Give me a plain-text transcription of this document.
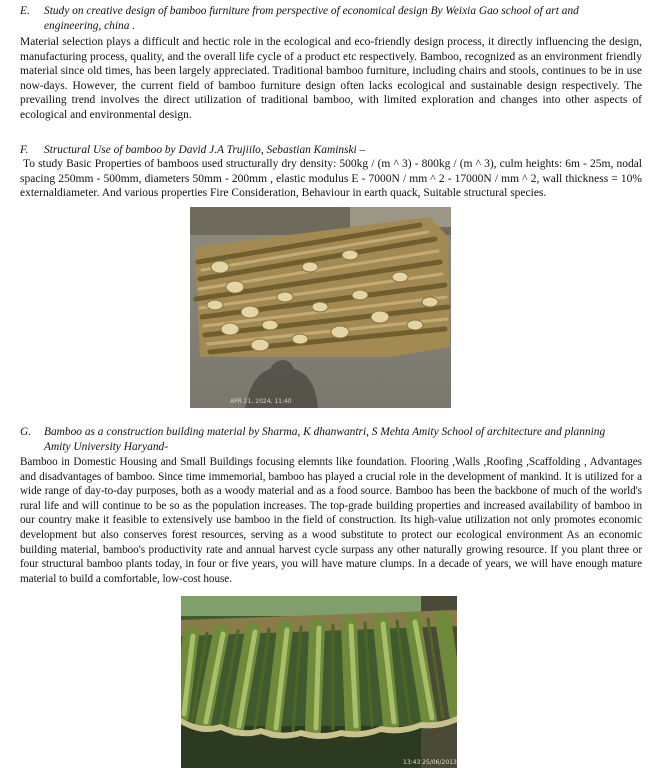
E. Study on creative design of bamboo furniture from perspective of economical design By Weixia Gao school of art and
engineering, china .
Material selection plays a difficult and hectic role in the ecological and eco-friendly design process, it directly influencing the design, manufacturing process, quality, and the overall life cycle of a product etc respectively. Bamboo, recognized as an environment friendly material since old times, has been largely appreciated. Traditional bamboo furniture, including chairs and stools, continues to be in use now-days. However, the current field of bamboo furniture design often lacks ecological and sustainable design respectively. The prevailing trend involves the direct utilization of traditional bamboo, with limited exploration and changes into other aspects of ecological and environmental design.
F. Structural Use of bamboo by David J.A Trujiilo, Sebastian Kaminski –
To study Basic Properties of bamboos used structurally dry density: 500kg / (m ^ 3) - 800kg / (m ^ 3), culm heights: 6m - 25m, nodal spacing 250mm - 500mm, diameters 50mm - 200mm , elastic modulus E - 7000N / mm ^ 2 - 17000N / mm ^ 2, wall thickness = 10% externaldiameter. And various properties Fire Consideration, Behaviour in earth quack, Suitable structural species.
APR 21, 2024, 11:40
G. Bamboo as a construction building material by Sharma, K dhanwantri, S Mehta Amity School of architecture and planning
Amity University Haryand-
Bamboo in Domestic Housing and Small Buildings focusing elemnts like foundation. Flooring ,Walls ,Roofing ,Scaffolding , Advantages and disadvantages of bamboo. Since time immemorial, bamboo has played a crucial role in the development of mankind. It is utilized for a wide range of day-to-day purposes, both as a woody material and as a food source. Bamboo has been the backbone of much of the world's rural life and will continue to be so as the population increases. The top-grade building properties and increased availability of bamboo in our country make it feasible to extensively use bamboo in the field of construction. Its high-value utilization not only promotes economic development but also conserves forest resources, serving as a wood substitute to protect our ecological environment As an economic building material, bamboo's productivity rate and annual harvest cycle surpass any other naturally growing resource. If you plant three or four structural bamboo plants today, in four or five years, you will have mature clumps. In a decade of years, we will have enough mature material to build a comfortable, low-cost house.
13:43 25/06/2013
